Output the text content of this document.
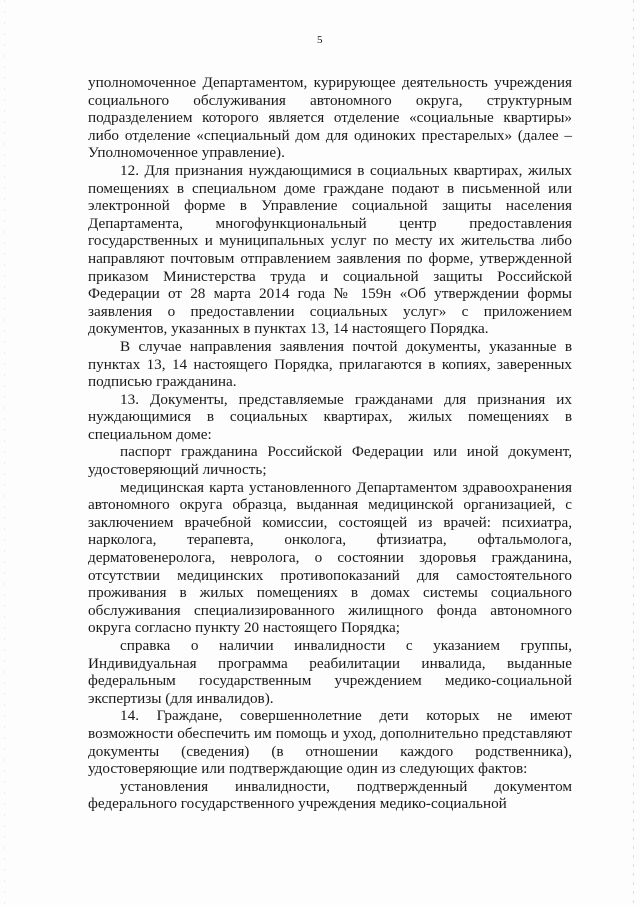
5

уполномоченное Департаментом, курирующее деятельность учреждения социального обслуживания автономного округа, структурным подразделением которого является отделение «социальные квартиры» либо отделение «специальный дом для одиноких престарелых» (далее – Уполномоченное управление).

12. Для признания нуждающимися в социальных квартирах, жилых помещениях в специальном доме граждане подают в письменной или электронной форме в Управление социальной защиты населения Департамента, многофункциональный центр предоставления государственных и муниципальных услуг по месту их жительства либо направляют почтовым отправлением заявления по форме, утвержденной приказом Министерства труда и социальной защиты Российской Федерации от 28 марта 2014 года № 159н «Об утверждении формы заявления о предоставлении социальных услуг» с приложением документов, указанных в пунктах 13, 14 настоящего Порядка.

В случае направления заявления почтой документы, указанные в пунктах 13, 14 настоящего Порядка, прилагаются в копиях, заверенных подписью гражданина.

13. Документы, представляемые гражданами для признания их нуждающимися в социальных квартирах, жилых помещениях в специальном доме:

паспорт гражданина Российской Федерации или иной документ, удостоверяющий личность;

медицинская карта установленного Департаментом здравоохранения автономного округа образца, выданная медицинской организацией, с заключением врачебной комиссии, состоящей из врачей: психиатра, нарколога, терапевта, онколога, фтизиатра, офтальмолога, дерматовенеролога, невролога, о состоянии здоровья гражданина, отсутствии медицинских противопоказаний для самостоятельного проживания в жилых помещениях в домах системы социального обслуживания специализированного жилищного фонда автономного округа согласно пункту 20 настоящего Порядка;

справка о наличии инвалидности с указанием группы, Индивидуальная программа реабилитации инвалида, выданные федеральным государственным учреждением медико-социальной экспертизы (для инвалидов).

14. Граждане, совершеннолетние дети которых не имеют возможности обеспечить им помощь и уход, дополнительно представляют документы (сведения) (в отношении каждого родственника), удостоверяющие или подтверждающие один из следующих фактов:

установления инвалидности, подтвержденный документом федерального государственного учреждения медико-социальной
